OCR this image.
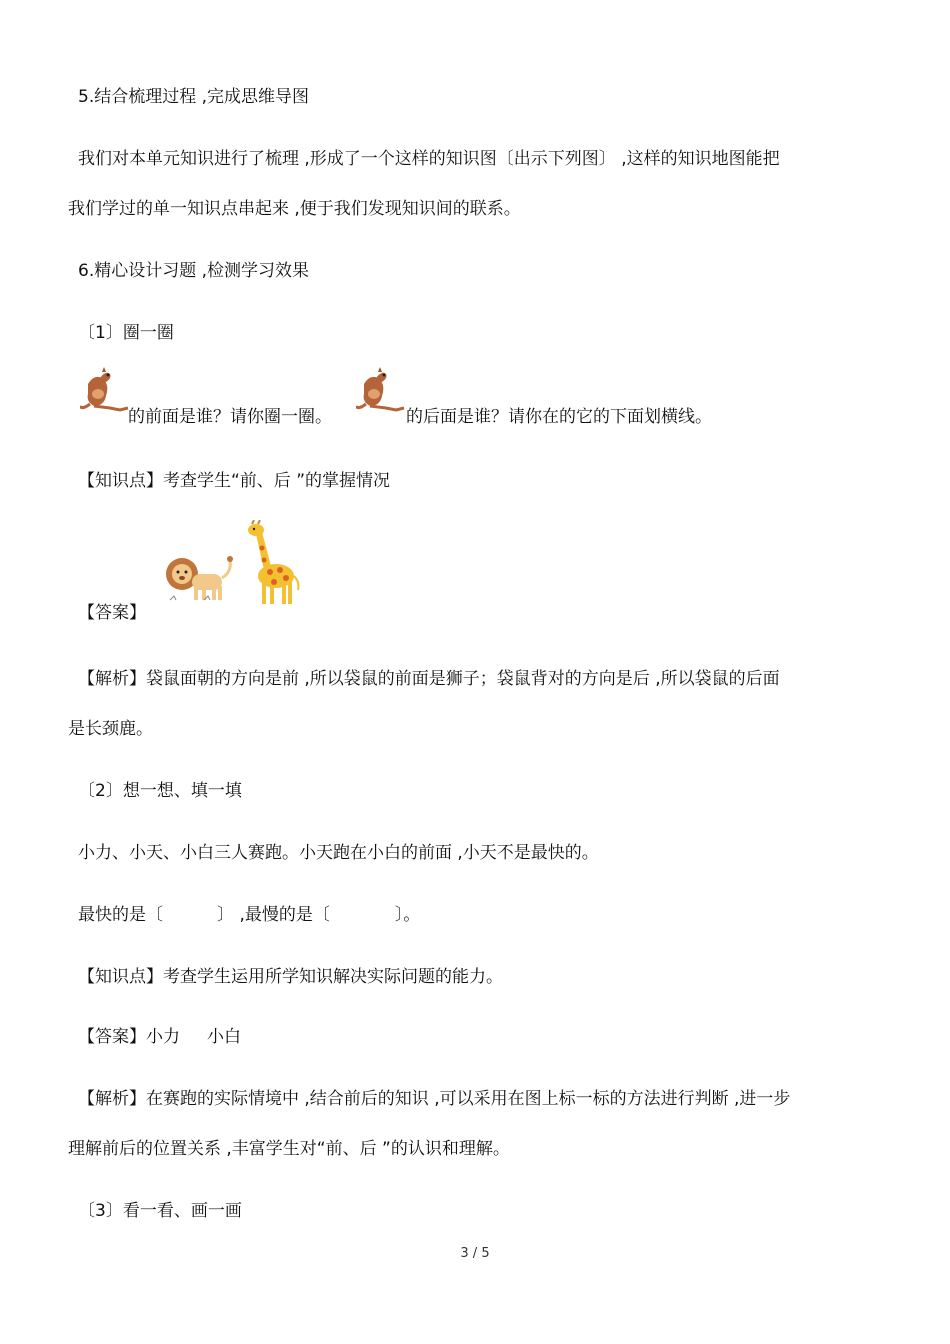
5.结合梳理过程 ,完成思维导图
我们对本单元知识进行了梳理 ,形成了一个这样的知识图〔出示下列图〕 ,这样的知识地图能把
我们学过的单一知识点串起来 ,便于我们发现知识间的联系。
6.精心设计习题 ,检测学习效果
〔1〕圈一圈
的前面是谁？请你圈一圈。	的后面是谁？请你在的它的下面划横线。
【知识点】考查学生“前、后 ”的掌握情况
【答案】
【解析】袋鼠面朝的方向是前 ,所以袋鼠的前面是狮子；袋鼠背对的方向是后 ,所以袋鼠的后面
是长颈鹿。
〔2〕想一想、填一填
小力、小天、小白三人赛跑。小天跑在小白的前面 ,小天不是最快的。
最快的是〔          〕 ,最慢的是〔            〕。
【知识点】考查学生运用所学知识解决实际问题的能力。
【答案】小力     小白
【解析】在赛跑的实际情境中 ,结合前后的知识 ,可以采用在图上标一标的方法进行判断 ,进一步
理解前后的位置关系 ,丰富学生对“前、后 ”的认识和理解。
〔3〕看一看、画一画
3 / 5
